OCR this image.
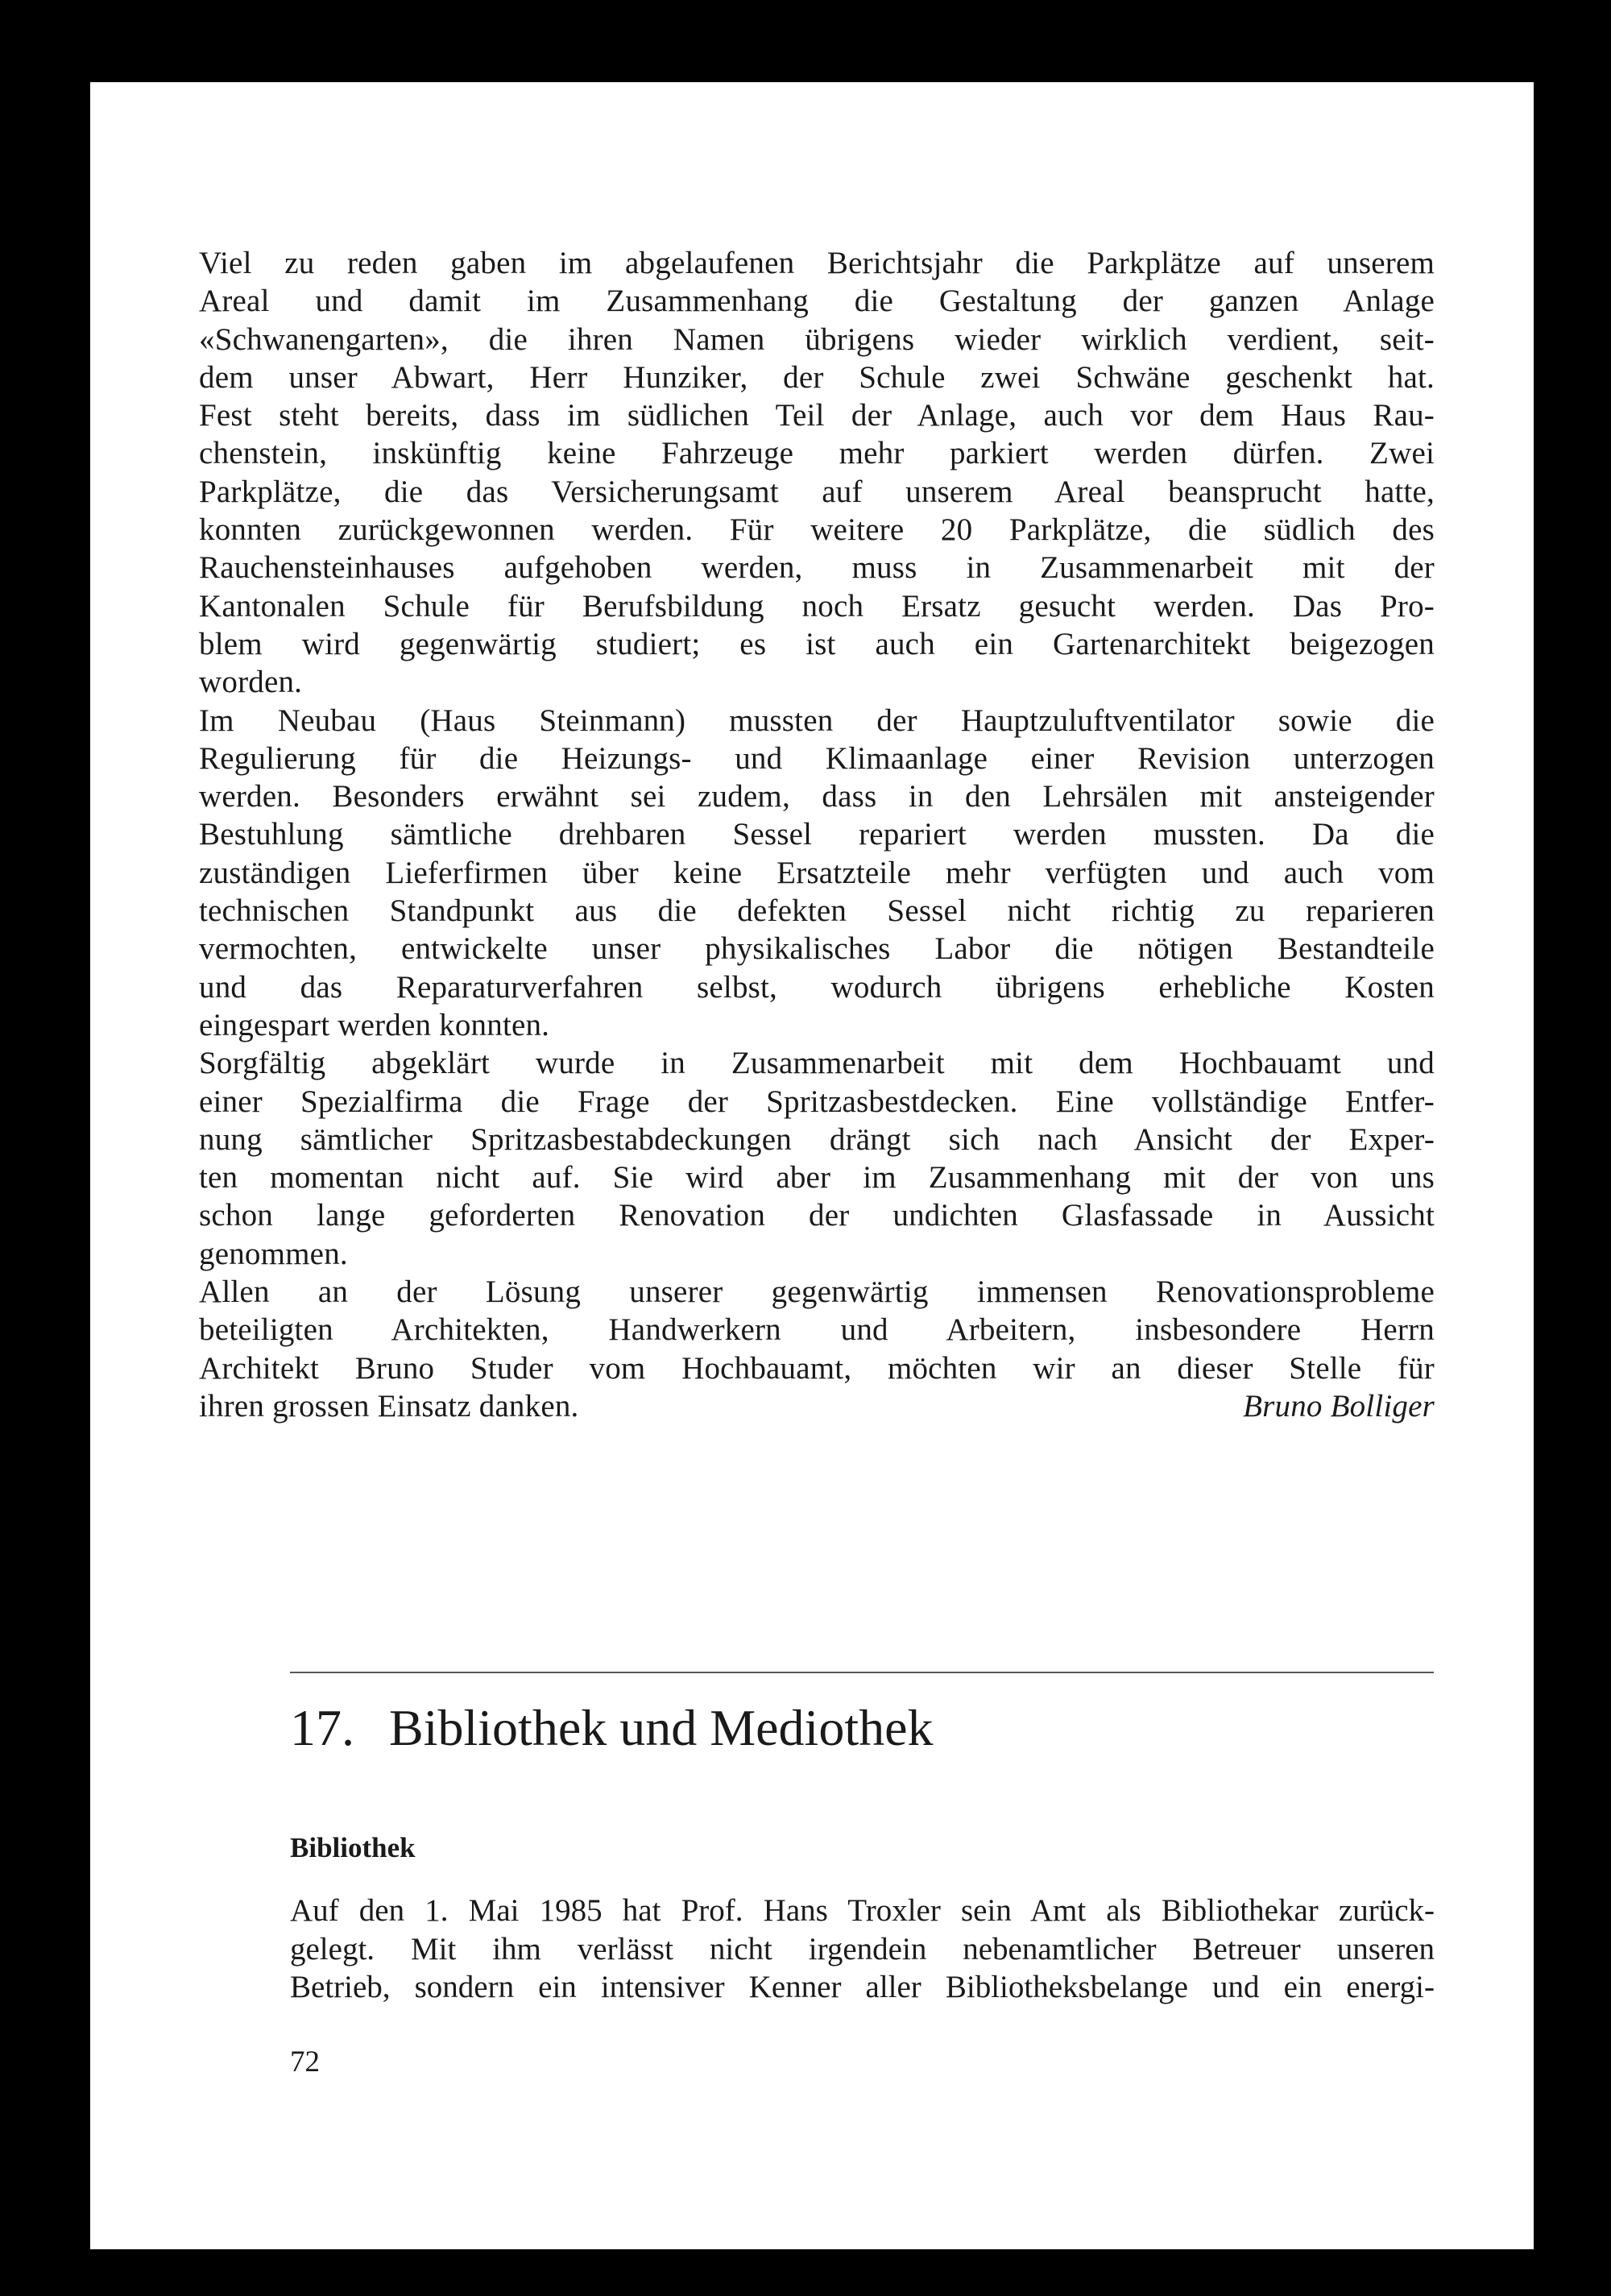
Viel zu reden gaben im abgelaufenen Berichtsjahr die Parkplätze auf unserem
Areal und damit im Zusammenhang die Gestaltung der ganzen Anlage
«Schwanengarten», die ihren Namen übrigens wieder wirklich verdient, seit-
dem unser Abwart, Herr Hunziker, der Schule zwei Schwäne geschenkt hat.
Fest steht bereits, dass im südlichen Teil der Anlage, auch vor dem Haus Rau-
chenstein, inskünftig keine Fahrzeuge mehr parkiert werden dürfen. Zwei
Parkplätze, die das Versicherungsamt auf unserem Areal beansprucht hatte,
konnten zurückgewonnen werden. Für weitere 20 Parkplätze, die südlich des
Rauchensteinhauses aufgehoben werden, muss in Zusammenarbeit mit der
Kantonalen Schule für Berufsbildung noch Ersatz gesucht werden. Das Pro-
blem wird gegenwärtig studiert; es ist auch ein Gartenarchitekt beigezogen
worden.
Im Neubau (Haus Steinmann) mussten der Hauptzuluftventilator sowie die
Regulierung für die Heizungs- und Klimaanlage einer Revision unterzogen
werden. Besonders erwähnt sei zudem, dass in den Lehrsälen mit ansteigender
Bestuhlung sämtliche drehbaren Sessel repariert werden mussten. Da die
zuständigen Lieferfirmen über keine Ersatzteile mehr verfügten und auch vom
technischen Standpunkt aus die defekten Sessel nicht richtig zu reparieren
vermochten, entwickelte unser physikalisches Labor die nötigen Bestandteile
und das Reparaturverfahren selbst, wodurch übrigens erhebliche Kosten
eingespart werden konnten.
Sorgfältig abgeklärt wurde in Zusammenarbeit mit dem Hochbauamt und
einer Spezialfirma die Frage der Spritzasbestdecken. Eine vollständige Entfer-
nung sämtlicher Spritzasbestabdeckungen drängt sich nach Ansicht der Exper-
ten momentan nicht auf. Sie wird aber im Zusammenhang mit der von uns
schon lange geforderten Renovation der undichten Glasfassade in Aussicht
genommen.
Allen an der Lösung unserer gegenwärtig immensen Renovationsprobleme
beteiligten Architekten, Handwerkern und Arbeitern, insbesondere Herrn
Architekt Bruno Studer vom Hochbauamt, möchten wir an dieser Stelle für
ihren grossen Einsatz danken.	Bruno Bolliger
17. Bibliothek und Mediothek
Bibliothek
Auf den 1. Mai 1985 hat Prof. Hans Troxler sein Amt als Bibliothekar zurück-
gelegt. Mit ihm verlässt nicht irgendein nebenamtlicher Betreuer unseren
Betrieb, sondern ein intensiver Kenner aller Bibliotheksbelange und ein energi-
72
